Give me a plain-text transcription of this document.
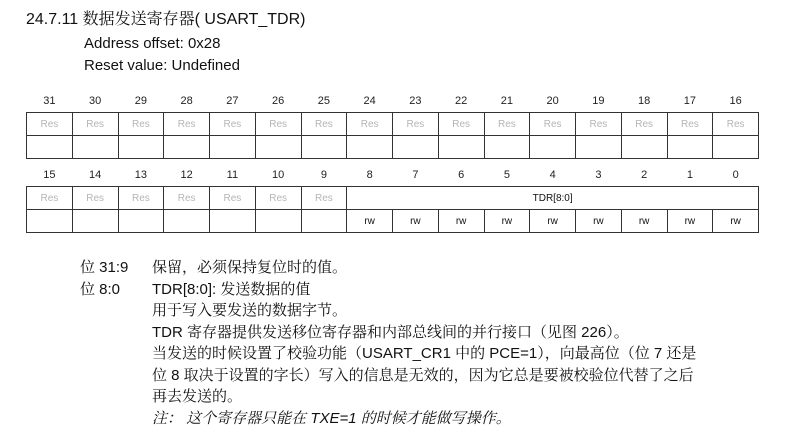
24.7.11 数据发送寄存器( USART_TDR)
Address offset: 0x28
Reset value: Undefined
31	30	29	28	27	26	25	24	23	22	21	20	19	18	17	16
Res	Res	Res	Res	Res	Res	Res	Res	Res	Res	Res	Res	Res	Res	Res	Res

15	14	13	12	11	10	9	8	7	6	5	4	3	2	1	0
Res	Res	Res	Res	Res	Res	Res	TDR[8:0]								
							rw	rw	rw	rw	rw	rw	rw	rw	rw
位 31:9	保留，必须保持复位时的值。
位 8:0	TDR[8:0]: 发送数据的值
用于写入要发送的数据字节。
TDR 寄存器提供发送移位寄存器和内部总线间的并行接口（见图 226）。
当发送的时候设置了校验功能（USART_CR1 中的 PCE=1），向最高位（位 7 还是
位 8 取决于设置的字长）写入的信息是无效的，因为它总是要被校验位代替了之后
再去发送的。
注： 这个寄存器只能在 TXE=1 的时候才能做写操作。
